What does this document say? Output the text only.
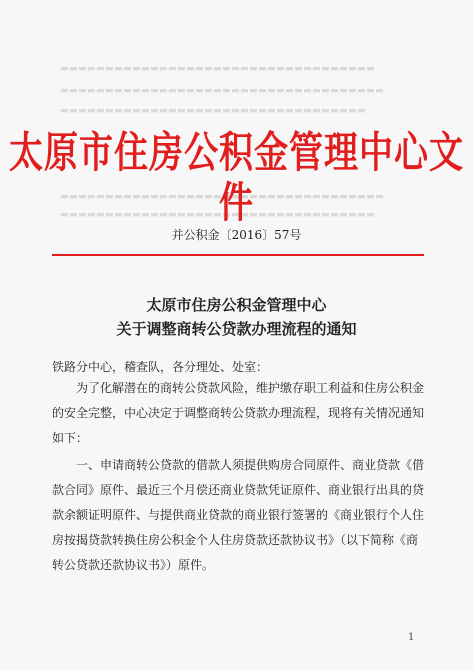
▬▬▬▬▬▬▬▬▬▬▬▬▬▬▬▬▬▬▬▬▬▬▬▬▬▬▬▬▬▬▬▬▬▬▬
▬▬▬▬▬▬▬▬▬▬▬▬▬▬▬▬▬▬▬▬▬▬▬▬▬▬▬▬▬▬▬▬▬▬▬▬
▬▬▬▬▬▬▬▬▬▬▬▬▬▬▬▬▬▬▬▬▬▬▬▬▬▬▬▬▬▬▬▬▬▬
▬▬▬▬▬▬▬▬▬▬▬▬▬▬▬▬▬▬▬▬▬▬▬▬▬▬▬▬▬▬▬▬▬▬▬▬
▬▬▬▬▬▬▬▬▬▬▬▬▬▬▬▬▬▬▬▬▬▬▬▬▬▬▬▬▬▬▬▬▬▬▬
太原市住房公积金管理中心文件
并公积金〔2016〕57号
太原市住房公积金管理中心
关于调整商转公贷款办理流程的通知
铁路分中心，稽查队，各分理处、处室：

为了化解潜在的商转公贷款风险，维护缴存职工利益和住房公积金的安全完整，中心决定于调整商转公贷款办理流程，现将有关情况通知如下：

一、申请商转公贷款的借款人须提供购房合同原件、商业贷款《借款合同》原件、最近三个月偿还商业贷款凭证原件、商业银行出具的贷款余额证明原件、与提供商业贷款的商业银行签署的《商业银行个人住房按揭贷款转换住房公积金个人住房贷款还款协议书》（以下简称《商转公贷款还款协议书》）原件。

1
